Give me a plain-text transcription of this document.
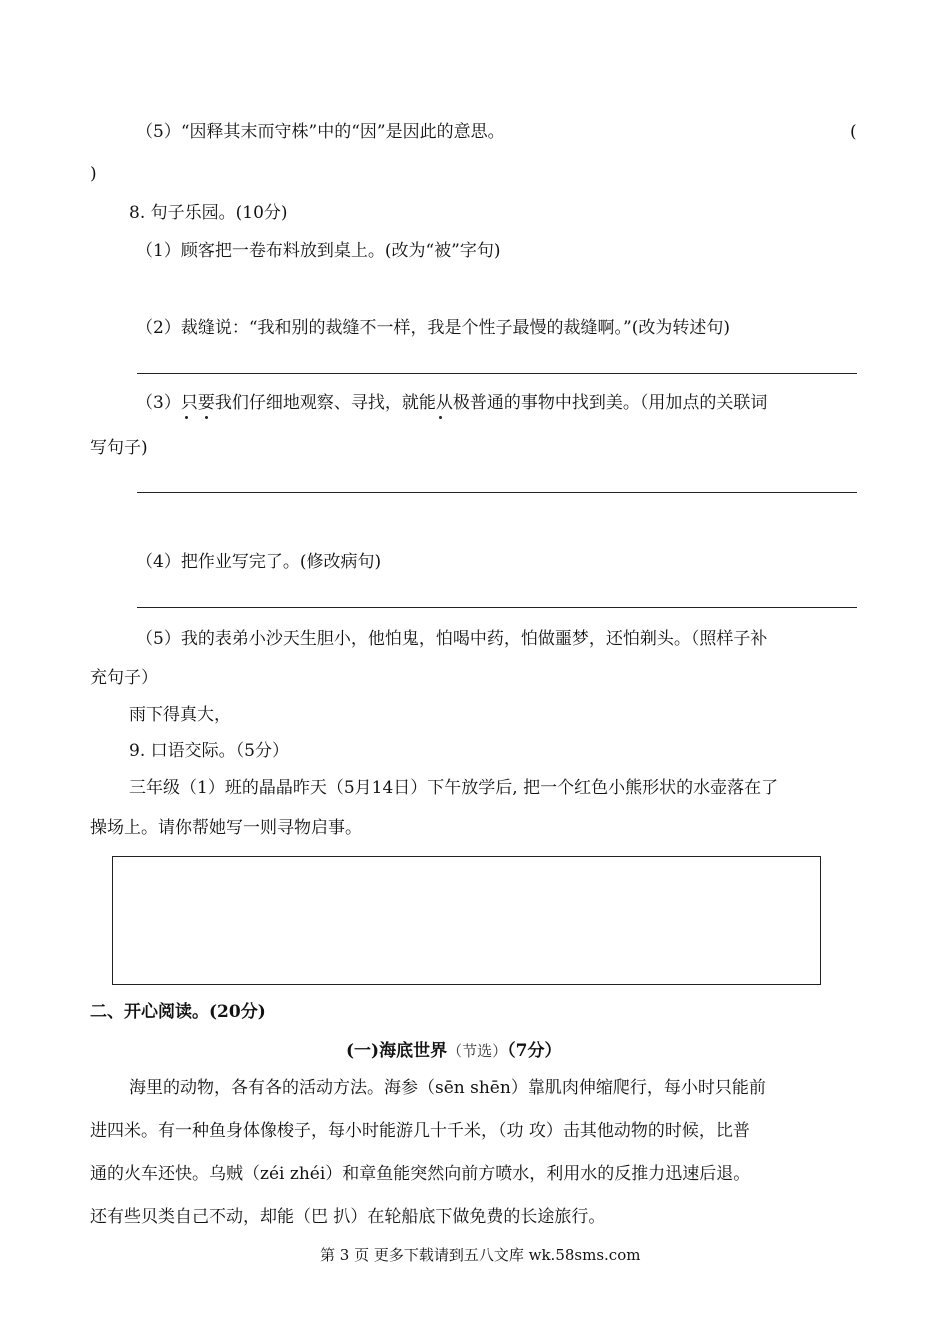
（5）“因释其末而守株”中的“因”是因此的意思。	(
)
8. 句子乐园。(10分)
（1）顾客把一卷布料放到桌上。(改为“被”字句)
（2）裁缝说：“我和别的裁缝不一样，我是个性子最慢的裁缝啊。”(改为转述句)
（3）只要我们仔细地观察、寻找，就能从极普通的事物中找到美。（用加点的关联词
写句子)
（4）把作业写完了。(修改病句)
（5）我的表弟小沙天生胆小，他怕鬼，怕喝中药，怕做噩梦，还怕剃头。（照样子补
充句子）
雨下得真大，
9. 口语交际。（5分）
三年级（1）班的晶晶昨天（5月14日）下午放学后, 把一个红色小熊形状的水壶落在了
操场上。请你帮她写一则寻物启事。
二、开心阅读。(20分)
(一)海底世界（节选）（7分）
海里的动物，各有各的活动方法。海参（sēn shēn）靠肌肉伸缩爬行，每小时只能前
进四米。有一种鱼身体像梭子，每小时能游几十千米，（功 攻）击其他动物的时候，比普
通的火车还快。乌贼（zéi zhéi）和章鱼能突然向前方喷水，利用水的反推力迅速后退。
还有些贝类自己不动，却能（巴 扒）在轮船底下做免费的长途旅行。
第 3 页 更多下载请到五八文库 wk.58sms.com
